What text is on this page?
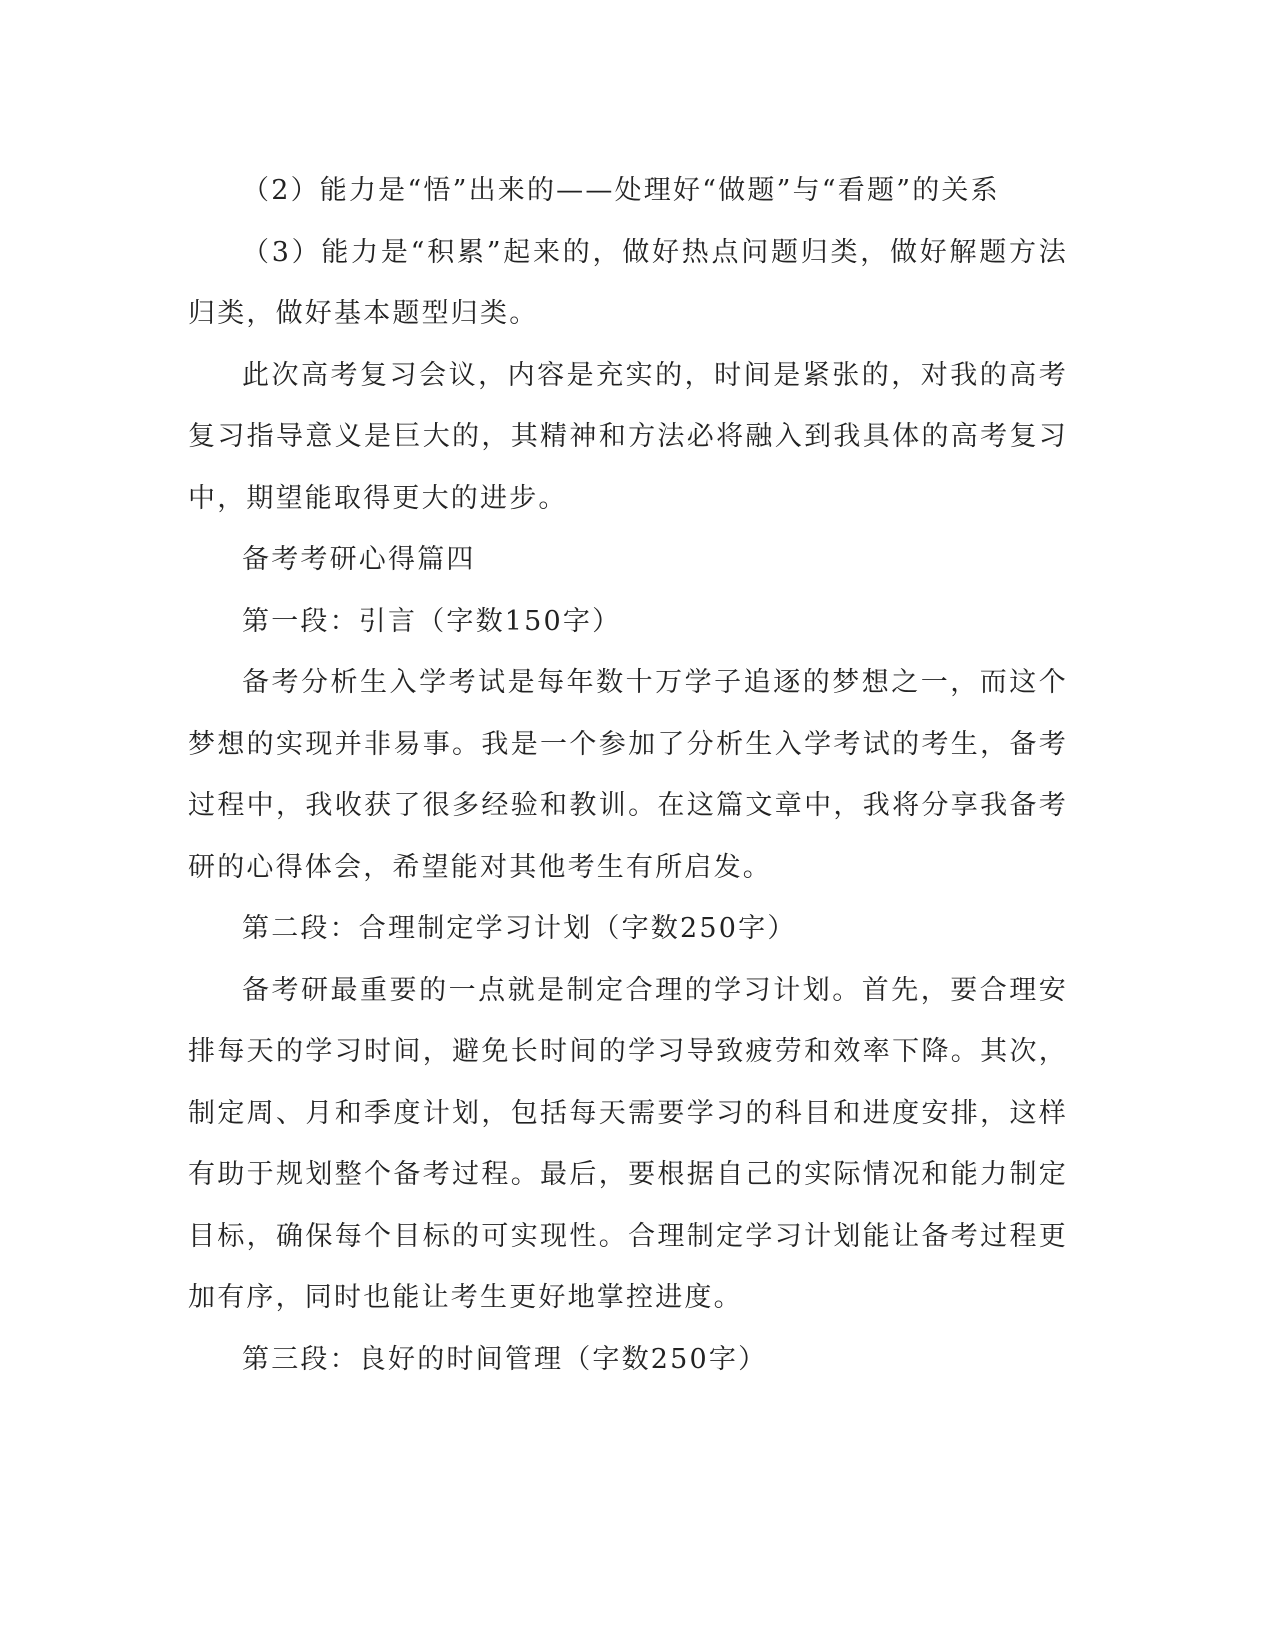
（2）能力是“悟”出来的——处理好“做题”与“看题”的关系

（3）能力是“积累”起来的，做好热点问题归类，做好解题方法归类，做好基本题型归类。

此次高考复习会议，内容是充实的，时间是紧张的，对我的高考复习指导意义是巨大的，其精神和方法必将融入到我具体的高考复习中，期望能取得更大的进步。

备考考研心得篇四

第一段：引言（字数150字）

备考分析生入学考试是每年数十万学子追逐的梦想之一，而这个梦想的实现并非易事。我是一个参加了分析生入学考试的考生，备考过程中，我收获了很多经验和教训。在这篇文章中，我将分享我备考研的心得体会，希望能对其他考生有所启发。

第二段：合理制定学习计划（字数250字）

备考研最重要的一点就是制定合理的学习计划。首先，要合理安排每天的学习时间，避免长时间的学习导致疲劳和效率下降。其次，制定周、月和季度计划，包括每天需要学习的科目和进度安排，这样有助于规划整个备考过程。最后，要根据自己的实际情况和能力制定目标，确保每个目标的可实现性。合理制定学习计划能让备考过程更加有序，同时也能让考生更好地掌控进度。

第三段：良好的时间管理（字数250字）
